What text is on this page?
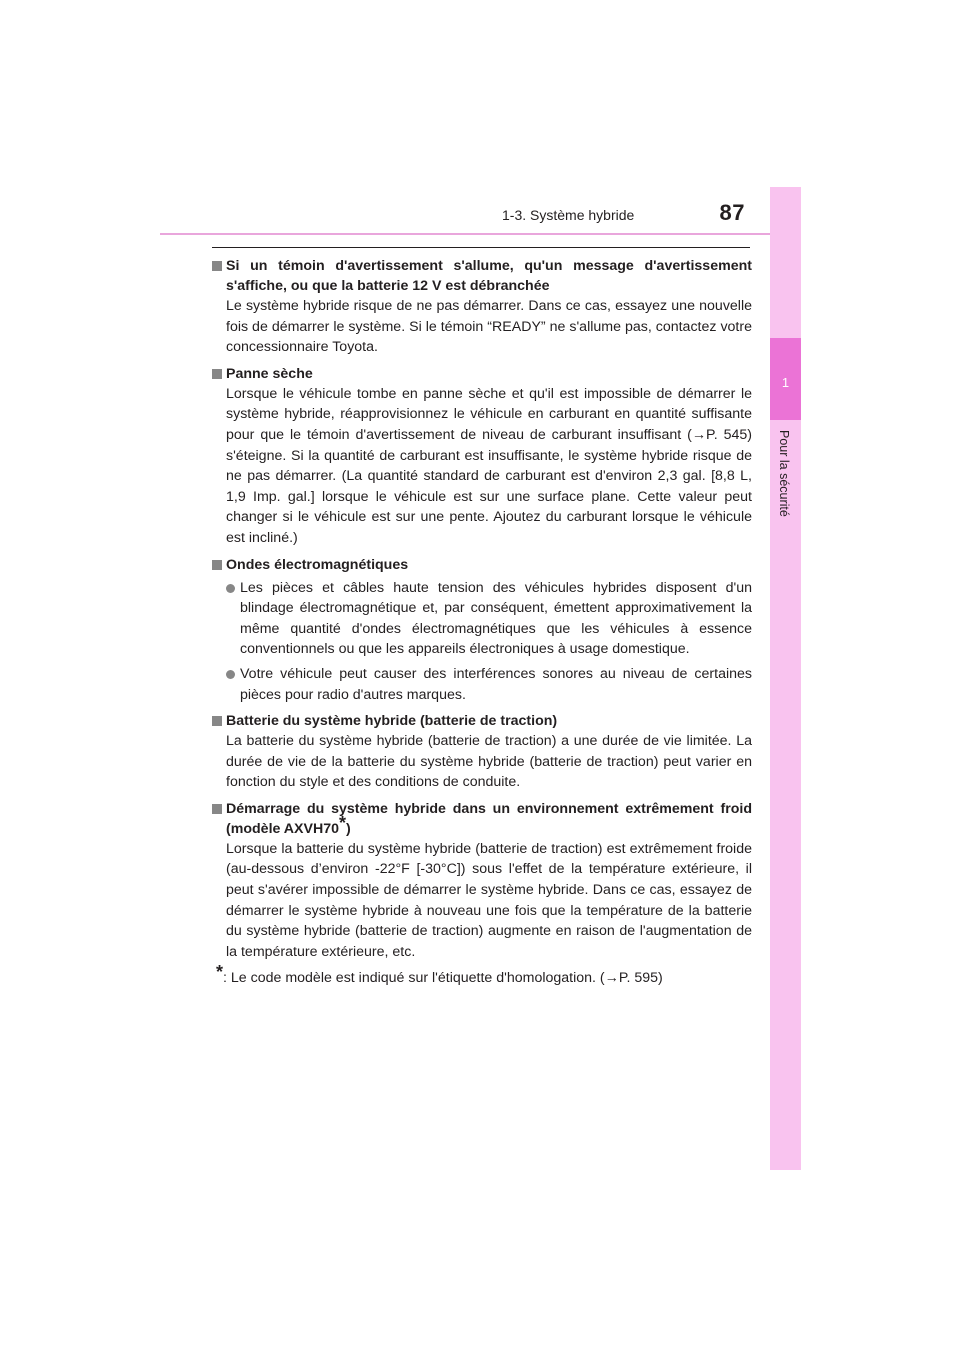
1-3. Système hybride	87
1
Pour la sécurité
Si un témoin d'avertissement s'allume, qu'un message d'avertissement s'affiche, ou que la batterie 12 V est débranchée
Le système hybride risque de ne pas démarrer. Dans ce cas, essayez une nouvelle fois de démarrer le système. Si le témoin “READY” ne s'allume pas, contactez votre concessionnaire Toyota.
Panne sèche
Lorsque le véhicule tombe en panne sèche et qu'il est impossible de démarrer le système hybride, réapprovisionnez le véhicule en carburant en quantité suffisante pour que le témoin d'avertissement de niveau de carburant insuffisant (→P. 545) s'éteigne. Si la quantité de carburant est insuffisante, le système hybride risque de ne pas démarrer. (La quantité standard de carburant est d'environ 2,3 gal. [8,8 L, 1,9 Imp. gal.] lorsque le véhicule est sur une surface plane. Cette valeur peut changer si le véhicule est sur une pente. Ajoutez du carburant lorsque le véhicule est incliné.)
Ondes électromagnétiques
Les pièces et câbles haute tension des véhicules hybrides disposent d'un blindage électromagnétique et, par conséquent, émettent approximativement la même quantité d'ondes électromagnétiques que les véhicules à essence conventionnels ou que les appareils électroniques à usage domestique.
Votre véhicule peut causer des interférences sonores au niveau de certaines pièces pour radio d'autres marques.
Batterie du système hybride (batterie de traction)
La batterie du système hybride (batterie de traction) a une durée de vie limitée. La durée de vie de la batterie du système hybride (batterie de traction) peut varier en fonction du style et des conditions de conduite.
Démarrage du système hybride dans un environnement extrêmement froid (modèle AXVH70*)
Lorsque la batterie du système hybride (batterie de traction) est extrêmement froide (au-dessous d’environ -22°F [-30°C]) sous l'effet de la température extérieure, il peut s'avérer impossible de démarrer le système hybride. Dans ce cas, essayez de démarrer le système hybride à nouveau une fois que la température de la batterie du système hybride (batterie de traction) augmente en raison de l'augmentation de la température extérieure, etc.
*: Le code modèle est indiqué sur l'étiquette d'homologation. (→P. 595)
